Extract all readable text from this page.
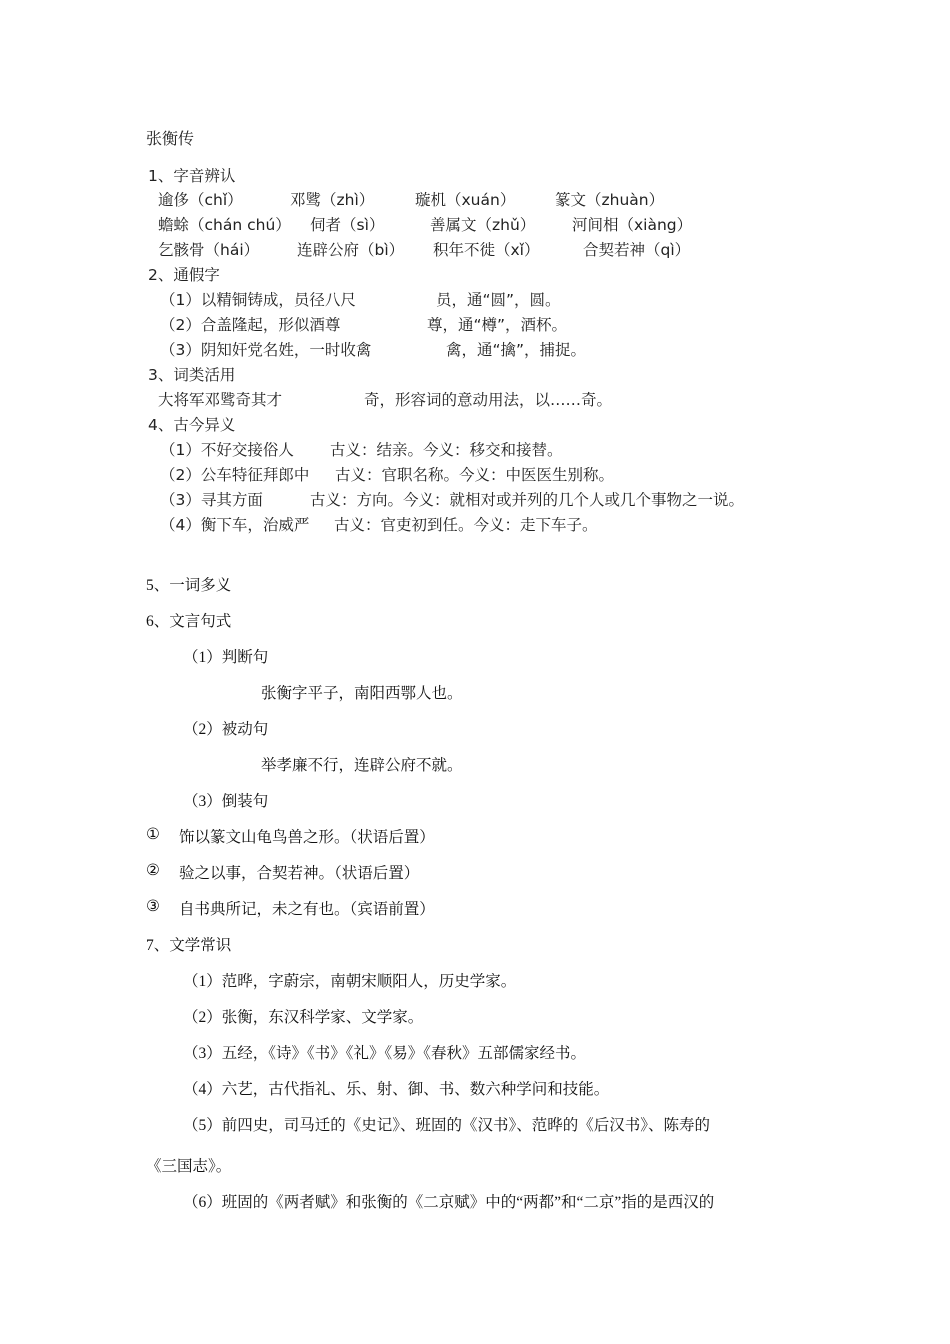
张衡传
1、字音辨认
逾侈（chǐ）	邓骘（zhì）	璇机（xuán）	篆文（zhuàn）
蟾蜍（chán chú） 伺者（sì）	善属文（zhǔ） 河间相（xiàng）
乞骸骨（hái） 连辟公府（bì） 积年不徙（xǐ）	合契若神（qì）
2、通假字
（1）以精铜铸成，员径八尺	员，通“圆”，圆。
（2）合盖隆起，形似酒尊	尊，通“樽”，酒杯。
（3）阴知奸党名姓，一时收禽	禽，通“擒”，捕捉。
3、词类活用
大将军邓骘奇其才	奇，形容词的意动用法，以……奇。
4、古今异义
（1）不好交接俗人 古义：结亲。今义：移交和接替。
（2）公车特征拜郎中 古义：官职名称。今义：中医医生别称。
（3）寻其方面	古义：方向。今义：就相对或并列的几个人或几个事物之一说。
（4）衡下车，治威严 古义：官吏初到任。今义：走下车子。
5、一词多义
6、文言句式
（1）判断句
张衡字平子，南阳西鄂人也。
（2）被动句
举孝廉不行，连辟公府不就。
（3）倒装句
① 饰以篆文山龟鸟兽之形。（状语后置）
② 验之以事，合契若神。（状语后置）
③ 自书典所记，未之有也。（宾语前置）
7、文学常识
（1）范晔，字蔚宗，南朝宋顺阳人，历史学家。
（2）张衡，东汉科学家、文学家。
（3）五经，《诗》《书》《礼》《易》《春秋》五部儒家经书。
（4）六艺，古代指礼、乐、射、御、书、数六种学问和技能。
（5）前四史，司马迁的《史记》、班固的《汉书》、范晔的《后汉书》、陈寿的
《三国志》。
（6）班固的《两者赋》和张衡的《二京赋》中的“两都”和“二京”指的是西汉的
